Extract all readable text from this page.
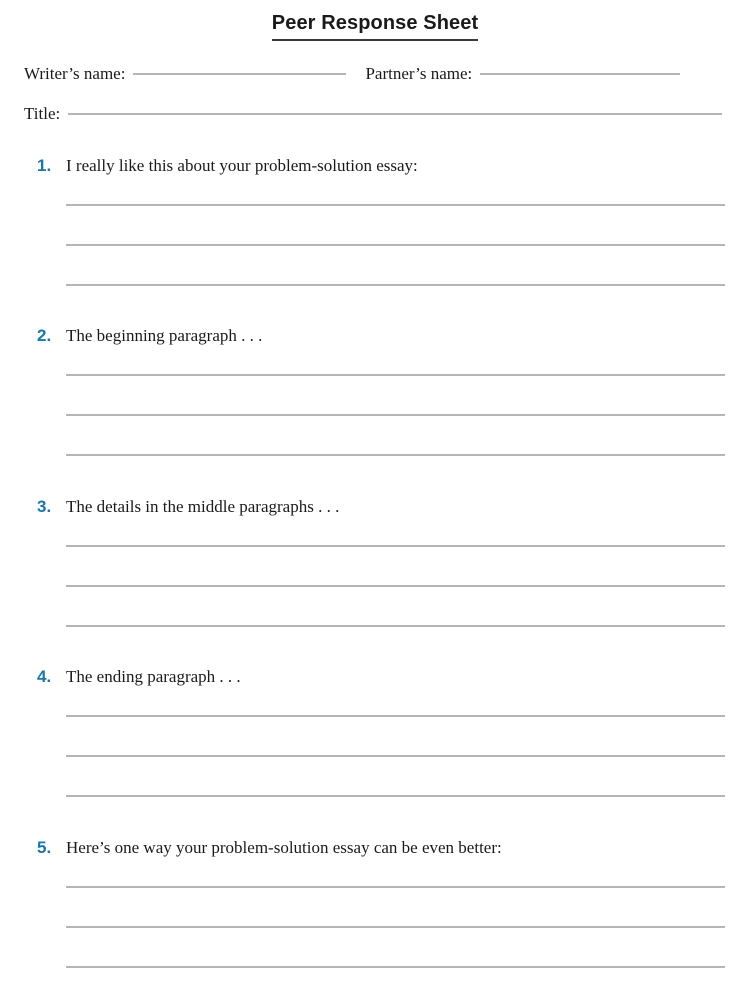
Peer Response Sheet
Writer’s name:	Partner’s name:
Title:
1. I really like this about your problem-solution essay:
2. The beginning paragraph . . .
3. The details in the middle paragraphs . . .
4. The ending paragraph . . .
5. Here’s one way your problem-solution essay can be even better:
